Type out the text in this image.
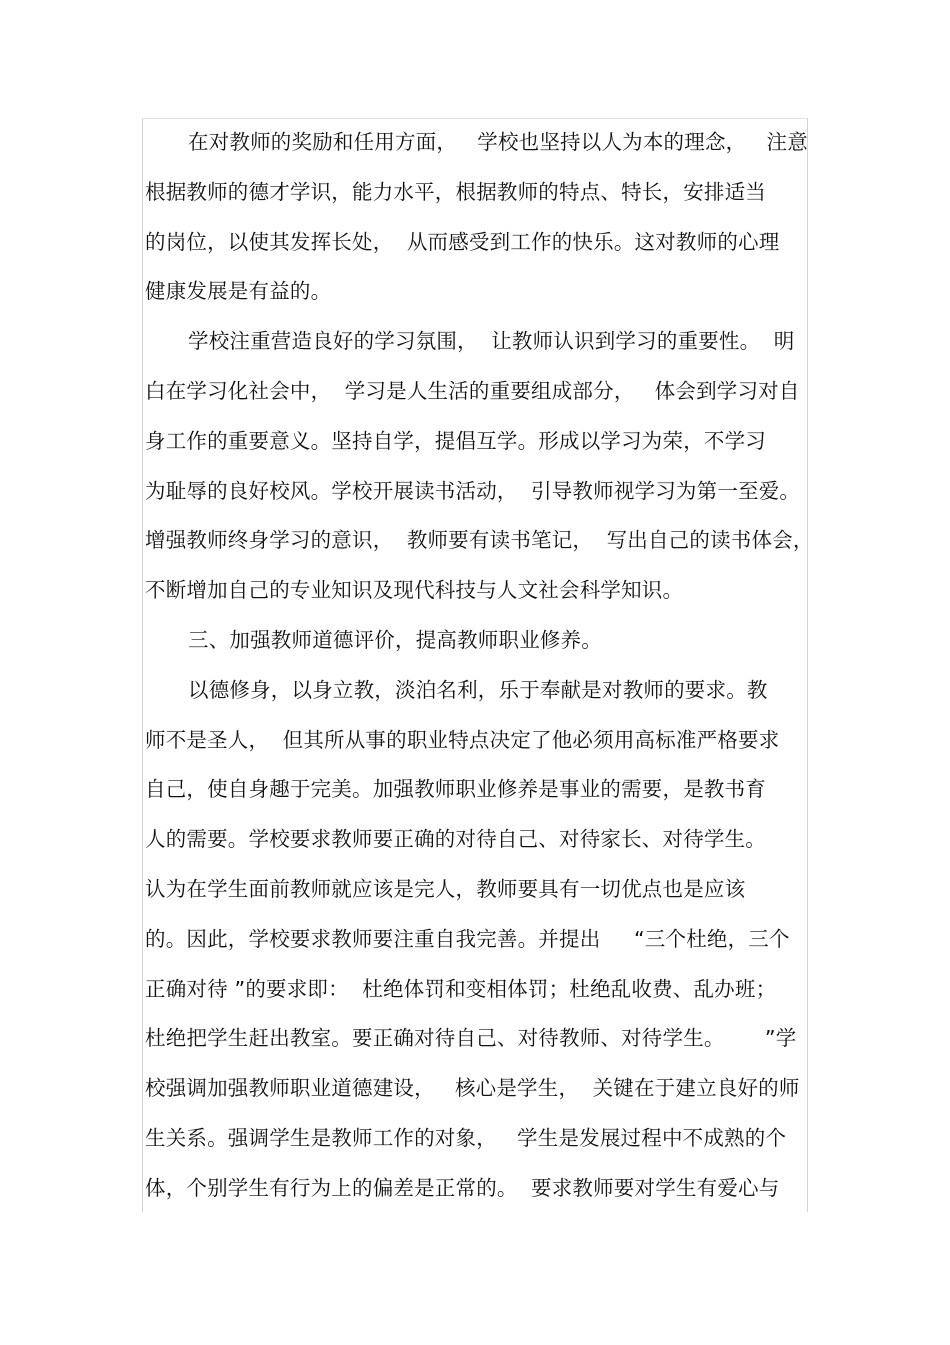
在对教师的奖励和任用方面，   学校也坚持以人为本的理念，   注意
根据教师的德才学识，能力水平，根据教师的特点、特长，安排适当
的岗位，以使其发挥长处，  从而感受到工作的快乐。这对教师的心理
健康发展是有益的。
学校注重营造良好的学习氛围，  让教师认识到学习的重要性。  明
白在学习化社会中，  学习是人生活的重要组成部分，   体会到学习对自
身工作的重要意义。坚持自学，提倡互学。形成以学习为荣，不学习
为耻辱的良好校风。学校开展读书活动，  引导教师视学习为第一至爱。
增强教师终身学习的意识，  教师要有读书笔记，  写出自己的读书体会，
不断增加自己的专业知识及现代科技与人文社会科学知识。
三、加强教师道德评价，提高教师职业修养。
以德修身，以身立教，淡泊名利，乐于奉献是对教师的要求。教
师不是圣人，  但其所从事的职业特点决定了他必须用高标准严格要求
自己，使自身趣于完美。加强教师职业修养是事业的需要，是教书育
人的需要。学校要求教师要正确的对待自己、对待家长、对待学生。
认为在学生面前教师就应该是完人，教师要具有一切优点也是应该
的。因此，学校要求教师要注重自我完善。并提出     “三个杜绝，三个
正确对待 ”的要求即：  杜绝体罚和变相体罚；杜绝乱收费、乱办班；
杜绝把学生赶出教室。要正确对待自己、对待教师、对待学生。      ”学
校强调加强教师职业道德建设，   核心是学生，  关键在于建立良好的师
生关系。强调学生是教师工作的对象，   学生是发展过程中不成熟的个
体，个别学生有行为上的偏差是正常的。  要求教师要对学生有爱心与
